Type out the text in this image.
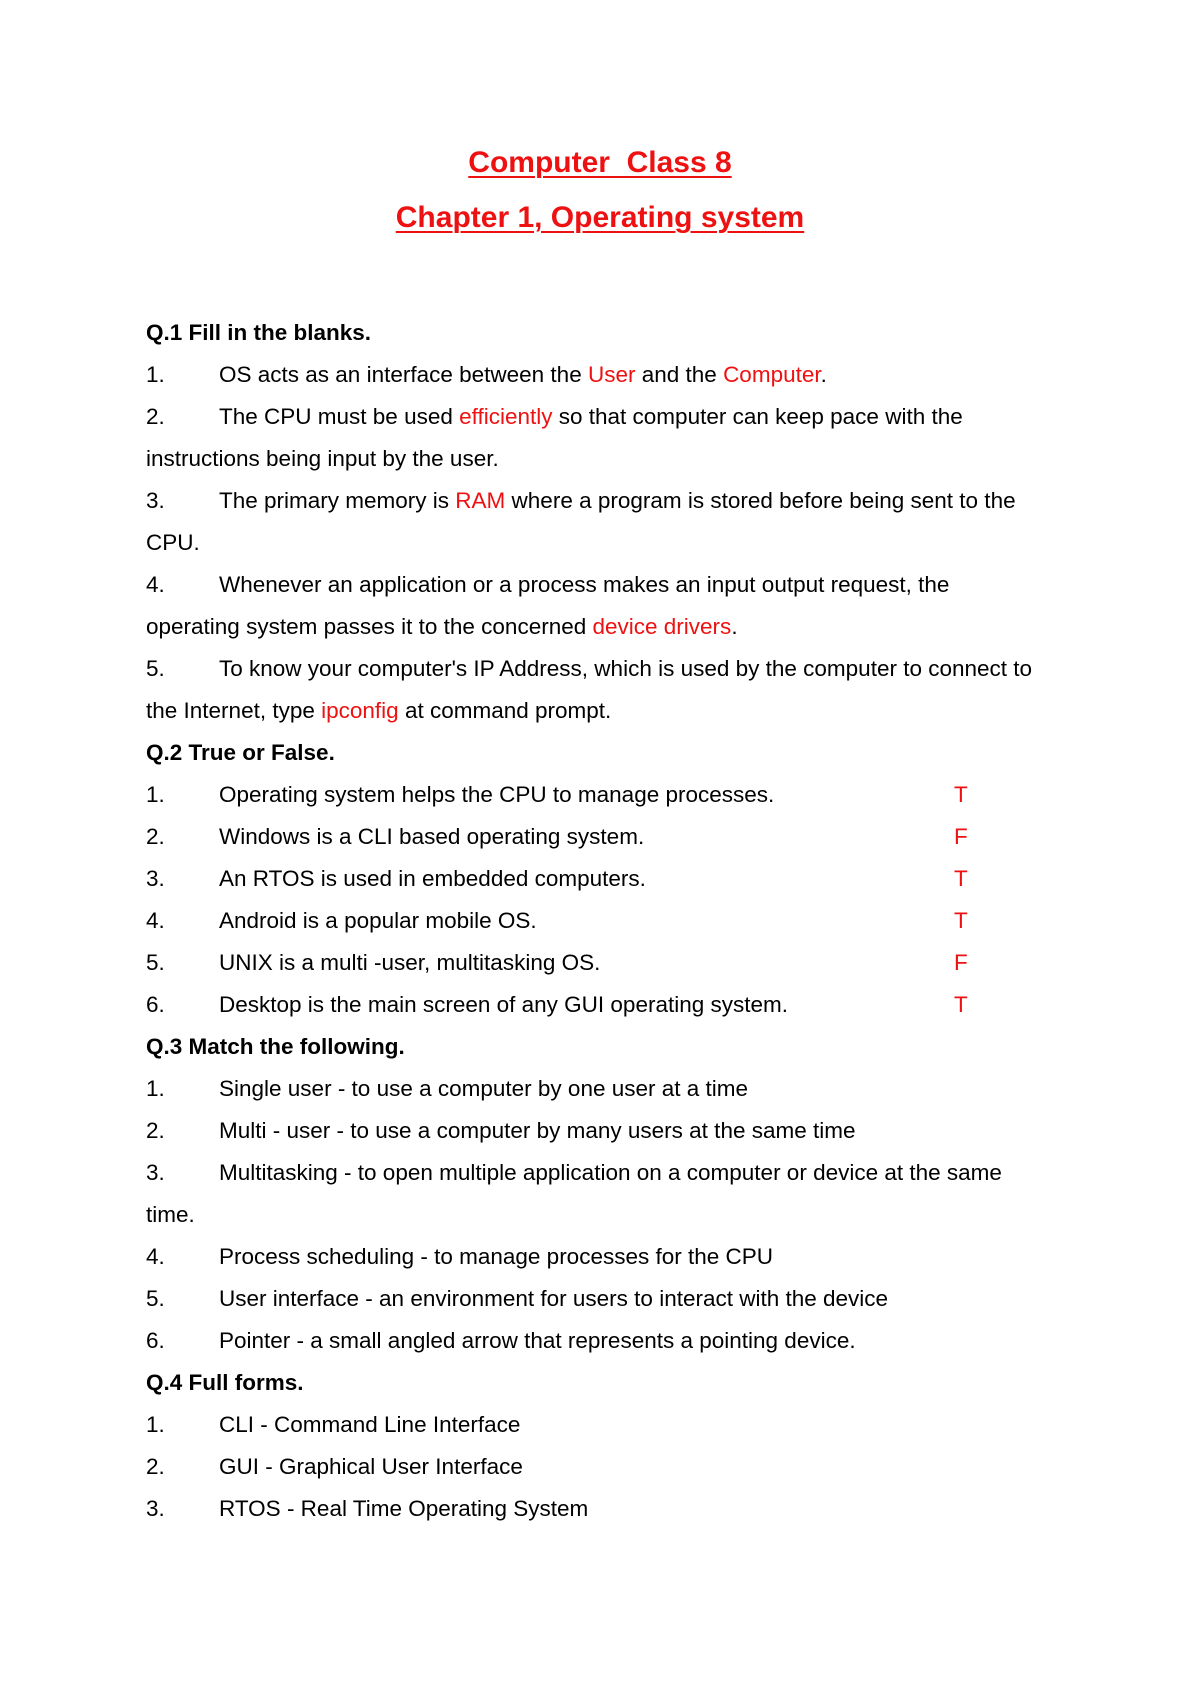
Computer  Class 8
Chapter 1, Operating system

Q.1 Fill in the blanks.

1. OS acts as an interface between the User and the Computer.

2. The CPU must be used efficiently so that computer can keep pace with the instructions being input by the user.

3. The primary memory is RAM where a program is stored before being sent to the CPU.

4. Whenever an application or a process makes an input output request, the operating system passes it to the concerned device drivers.

5. To know your computer's IP Address, which is used by the computer to connect to the Internet, type ipconfig at command prompt.

Q.2 True or False.

1. Operating system helps the CPU to manage processes.	T

2. Windows is a CLI based operating system.	F

3. An RTOS is used in embedded computers.	T

4. Android is a popular mobile OS.	T

5. UNIX is a multi -user, multitasking OS.	F

6. Desktop is the main screen of any GUI operating system.	T

Q.3 Match the following.

1. Single user - to use a computer by one user at a time

2. Multi - user - to use a computer by many users at the same time

3. Multitasking - to open multiple application on a computer or device at the same time.

4. Process scheduling - to manage processes for the CPU

5. User interface - an environment for users to interact with the device

6. Pointer - a small angled arrow that represents a pointing device.

Q.4 Full forms.

1. CLI - Command Line Interface

2. GUI - Graphical User Interface

3. RTOS - Real Time Operating System
